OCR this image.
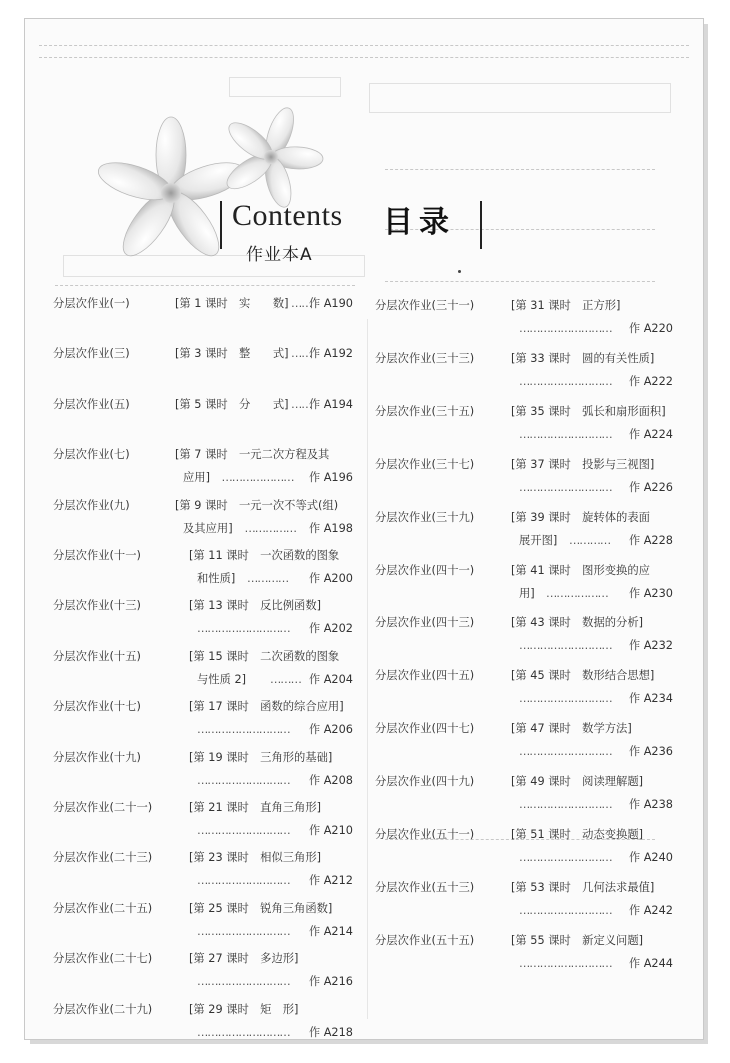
Contents 目录
作业本A
分层次作业(一)	[第 1 课时　实　　数] ……
作 A190
分层次作业(三)	[第 3 课时　整　　式] ……
作 A192
分层次作业(五)	[第 5 课时　分　　式] ……
作 A194
分层次作业(七)	[第 7 课时　一元二次方程及其
应用] ………………… 作 A196
分层次作业(九)	[第 9 课时　一元一次不等式(组)
及其应用] …………… 作 A198
分层次作业(十一)	[第 11 课时　一次函数的图象
和性质] ………… 作 A200
分层次作业(十三)	[第 13 课时　反比例函数]
……………………… 作 A202
分层次作业(十五)	[第 15 课时　二次函数的图象
与性质 2] ……… 作 A204
分层次作业(十七)	[第 17 课时　函数的综合应用]
……………………… 作 A206
分层次作业(十九)	[第 19 课时　三角形的基础]
……………………… 作 A208
分层次作业(二十一)	[第 21 课时　直角三角形]
……………………… 作 A210
分层次作业(二十三)	[第 23 课时　相似三角形]
……………………… 作 A212
分层次作业(二十五)	[第 25 课时　锐角三角函数]
……………………… 作 A214
分层次作业(二十七)	[第 27 课时　多边形]
……………………… 作 A216
分层次作业(二十九)	[第 29 课时　矩　形]
……………………… 作 A218
分层次作业(三十一)	[第 31 课时　正方形]
……………………… 作 A220
分层次作业(三十三)	[第 33 课时　圆的有关性质]
……………………… 作 A222
分层次作业(三十五)	[第 35 课时　弧长和扇形面积]
……………………… 作 A224
分层次作业(三十七)	[第 37 课时　投影与三视图]
……………………… 作 A226
分层次作业(三十九)	[第 39 课时　旋转体的表面
展开图] ………… 作 A228
分层次作业(四十一)	[第 41 课时　图形变换的应
用] ……………… 作 A230
分层次作业(四十三)	[第 43 课时　数据的分析]
……………………… 作 A232
分层次作业(四十五)	[第 45 课时　数形结合思想]
……………………… 作 A234
分层次作业(四十七)	[第 47 课时　数学方法]
……………………… 作 A236
分层次作业(四十九)	[第 49 课时　阅读理解题]
……………………… 作 A238
分层次作业(五十一)	[第 51 课时　动态变换题]
……………………… 作 A240
分层次作业(五十三)	[第 53 课时　几何法求最值]
……………………… 作 A242
分层次作业(五十五)	[第 55 课时　新定义问题]
……………………… 作 A244
